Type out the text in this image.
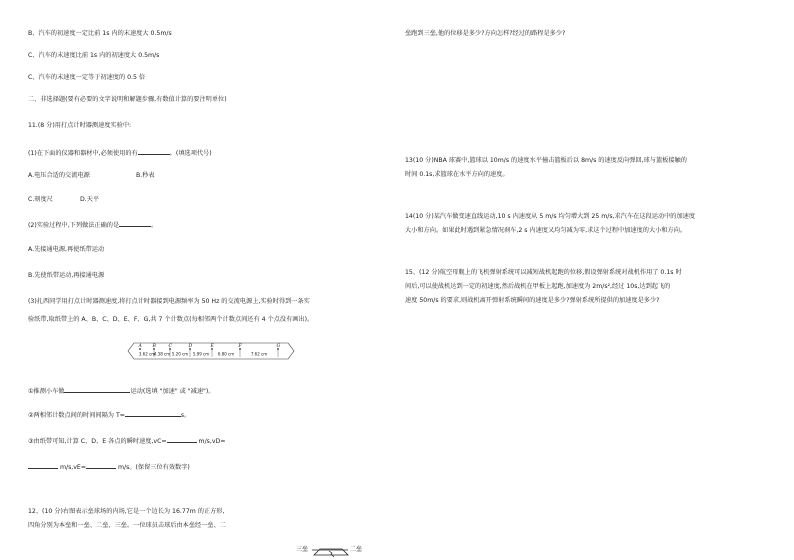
B、汽车的初速度一定比前 1s 内的末速度大 0.5m/s
C、汽车的末速度比前 1s 内的初速度大 0.5m/s
C、汽车的末速度一定等于初速度的 0.5 倍
二、非选择题(要有必要的文字说明和解题步骤,有数值计算的要注明单位)
11.(8 分)用打点计时器测速度实验中:
(1)在下面的仪器和器材中,必须使用的有	。(填选项代号)
A.电压合适的交流电源	B.秒表
C.刻度尺	D.天平
(2)实验过程中,下列做法正确的是	。
A.先接通电源,再使纸带运动
B.先使纸带运动,再接通电源
(3)扎西同学用打点计时器测速度,将打点计时器接到电源频率为 50 Hz 的交流电源上,实验时得到一条实
验纸带,取纸带上的 A、B、C、D、E、F、G,共 7 个计数点(每相邻两个计数点间还有 4 个点没有画出)。
A B	C	D	E	F	G
3.62 cm
4.38 cm 5.20 cm 5.99 cm 6.80 cm	7.62 cm
①推测小车做	运动(选填 "加速" 或 "减速")。
②两相邻计数点间的时间间隔为 T=	s。
③由纸带可知,计算 C、D、E 各点的瞬时速度,vC=	m/s,vD=
m/s,vE=	m/s。(保留三位有效数字)
12、(10 分)右图表示垒球场的内场,它是一个边长为 16.77m 的正方形,
四角分别为本垒和一垒、二垒、三垒。一位球员击球后由本垒经一垒、二
三垒	二垒
垒跑到三垒,他的位移是多少?方向怎样?经过的路程是多少?
13(10 分)NBA 球赛中,篮球以 10m/s 的速度水平撞击篮板后以 8m/s 的速度反向弹回,球与篮板接触的
时间 0.1s,求篮球在水平方向的速度。
14(10 分)某汽车做变速直线运动,10 s 内速度从 5 m/s 均匀增大到 25 m/s,求汽车在这段运动中的加速度
大小和方向。如果此时遇到紧急情况刹车,2 s 内速度又均匀减为零,求这个过程中加速度的大小和方向。
15、(12 分)航空母舰上的飞机弹射系统可以减短战机起跑的位移,假设弹射系统对战机作用了 0.1s 时
间后,可以使战机达到一定的初速度,然后战机在甲板上起跑,加速度为 2m/s²,经过 10s,达到起飞的
速度 50m/s 的要求,则战机离开弹射系统瞬间的速度是多少?弹射系统所提供的加速度是多少?
